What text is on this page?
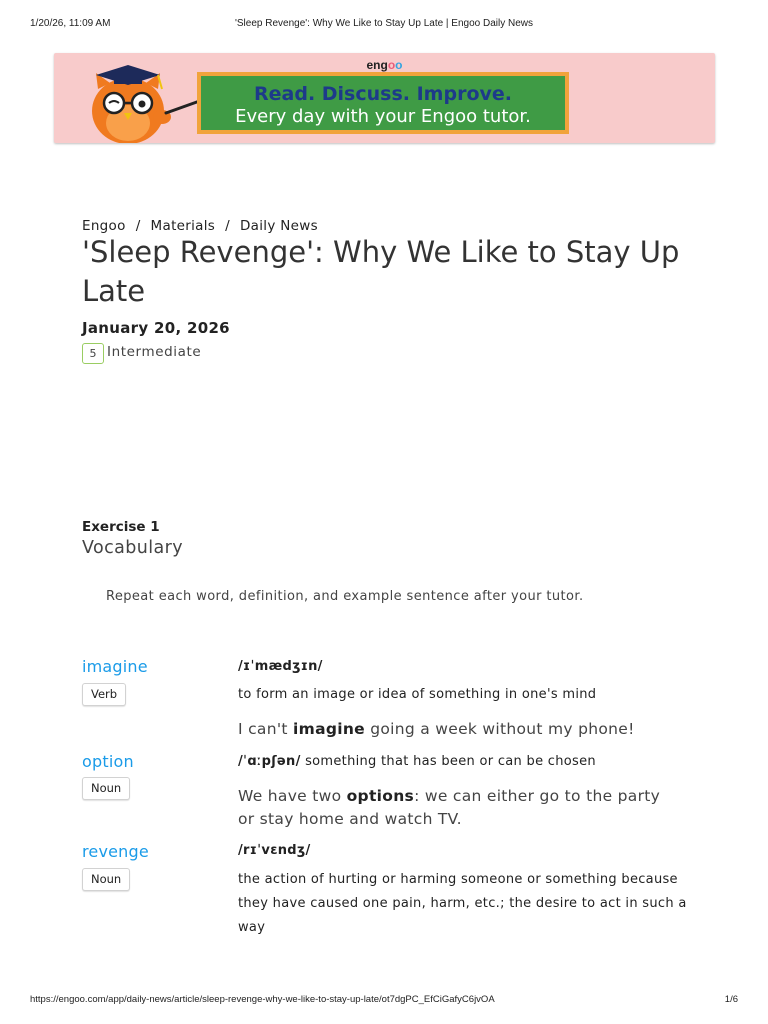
1/20/26, 11:09 AM	'Sleep Revenge': Why We Like to Stay Up Late | Engoo Daily News
engoo
Read. Discuss. Improve.
Every day with your Engoo tutor.
Engoo / Materials / Daily News
'Sleep Revenge': Why We Like to Stay Up Late
January 20, 2026
5 Intermediate
Exercise 1
Vocabulary
Repeat each word, definition, and example sentence after your tutor.
imagine
Verb
/ɪˈmædʒɪn/
to form an image or idea of something in one's mind
I can't imagine going a week without my phone!
option
Noun
/ˈɑːpʃən/ something that has been or can be chosen
We have two options: we can either go to the party or stay home and watch TV.
revenge
Noun
/rɪˈvɛndʒ/
the action of hurting or harming someone or something because they have caused one pain, harm, etc.; the desire to act in such a way
https://engoo.com/app/daily-news/article/sleep-revenge-why-we-like-to-stay-up-late/ot7dgPC_EfCiGafyC6jvOA	1/6
